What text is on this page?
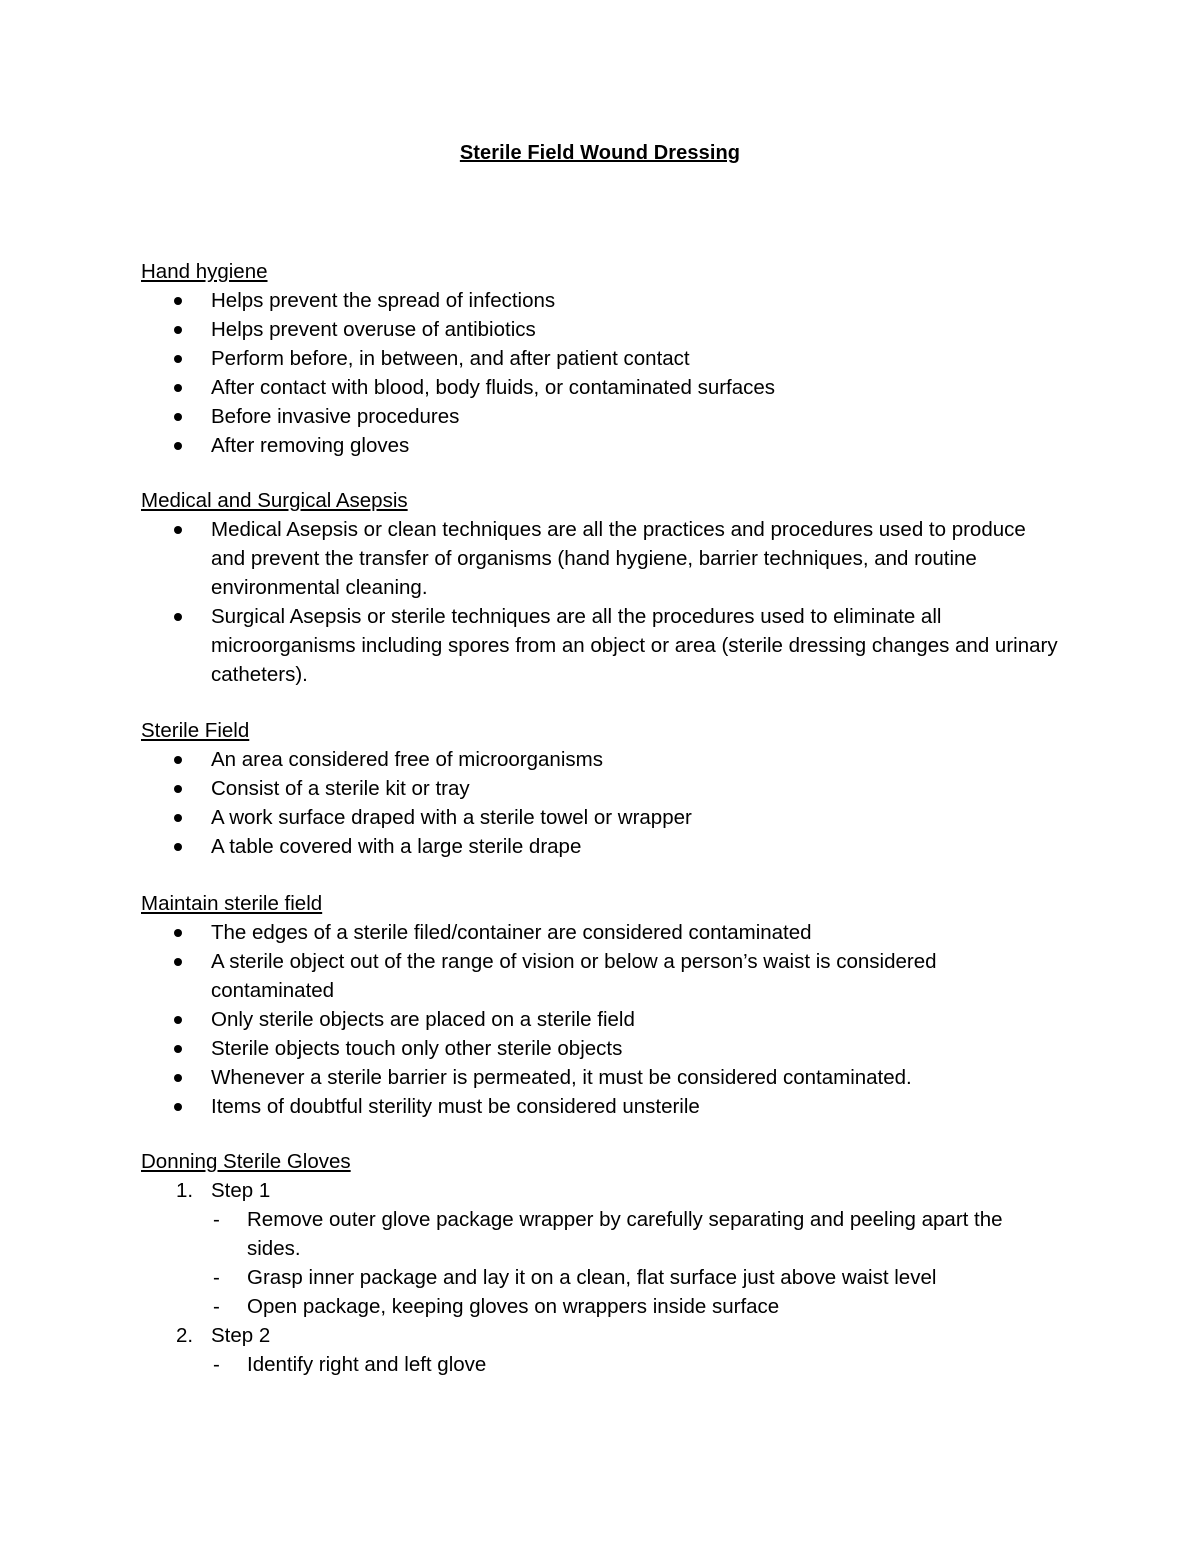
Sterile Field Wound Dressing
Hand hygiene
Helps prevent the spread of infections
Helps prevent overuse of antibiotics
Perform before, in between, and after patient contact
After contact with blood, body fluids, or contaminated surfaces
Before invasive procedures
After removing gloves
Medical and Surgical Asepsis
Medical Asepsis or clean techniques are all the practices and procedures used to produce and prevent the transfer of organisms (hand hygiene, barrier techniques, and routine environmental cleaning.
Surgical Asepsis or sterile techniques are all the procedures used to eliminate all microorganisms including spores from an object or area (sterile dressing changes and urinary catheters).
Sterile Field
An area considered free of microorganisms
Consist of a sterile kit or tray
A work surface draped with a sterile towel or wrapper
A table covered with a large sterile drape
Maintain sterile field
The edges of a sterile filed/container are considered contaminated
A sterile object out of the range of vision or below a person’s waist is considered contaminated
Only sterile objects are placed on a sterile field
Sterile objects touch only other sterile objects
Whenever a sterile barrier is permeated, it must be considered contaminated.
Items of doubtful sterility must be considered unsterile
Donning Sterile Gloves
1. Step 1
- Remove outer glove package wrapper by carefully separating and peeling apart the sides.
- Grasp inner package and lay it on a clean, flat surface just above waist level
- Open package, keeping gloves on wrappers inside surface
2. Step 2
- Identify right and left glove
